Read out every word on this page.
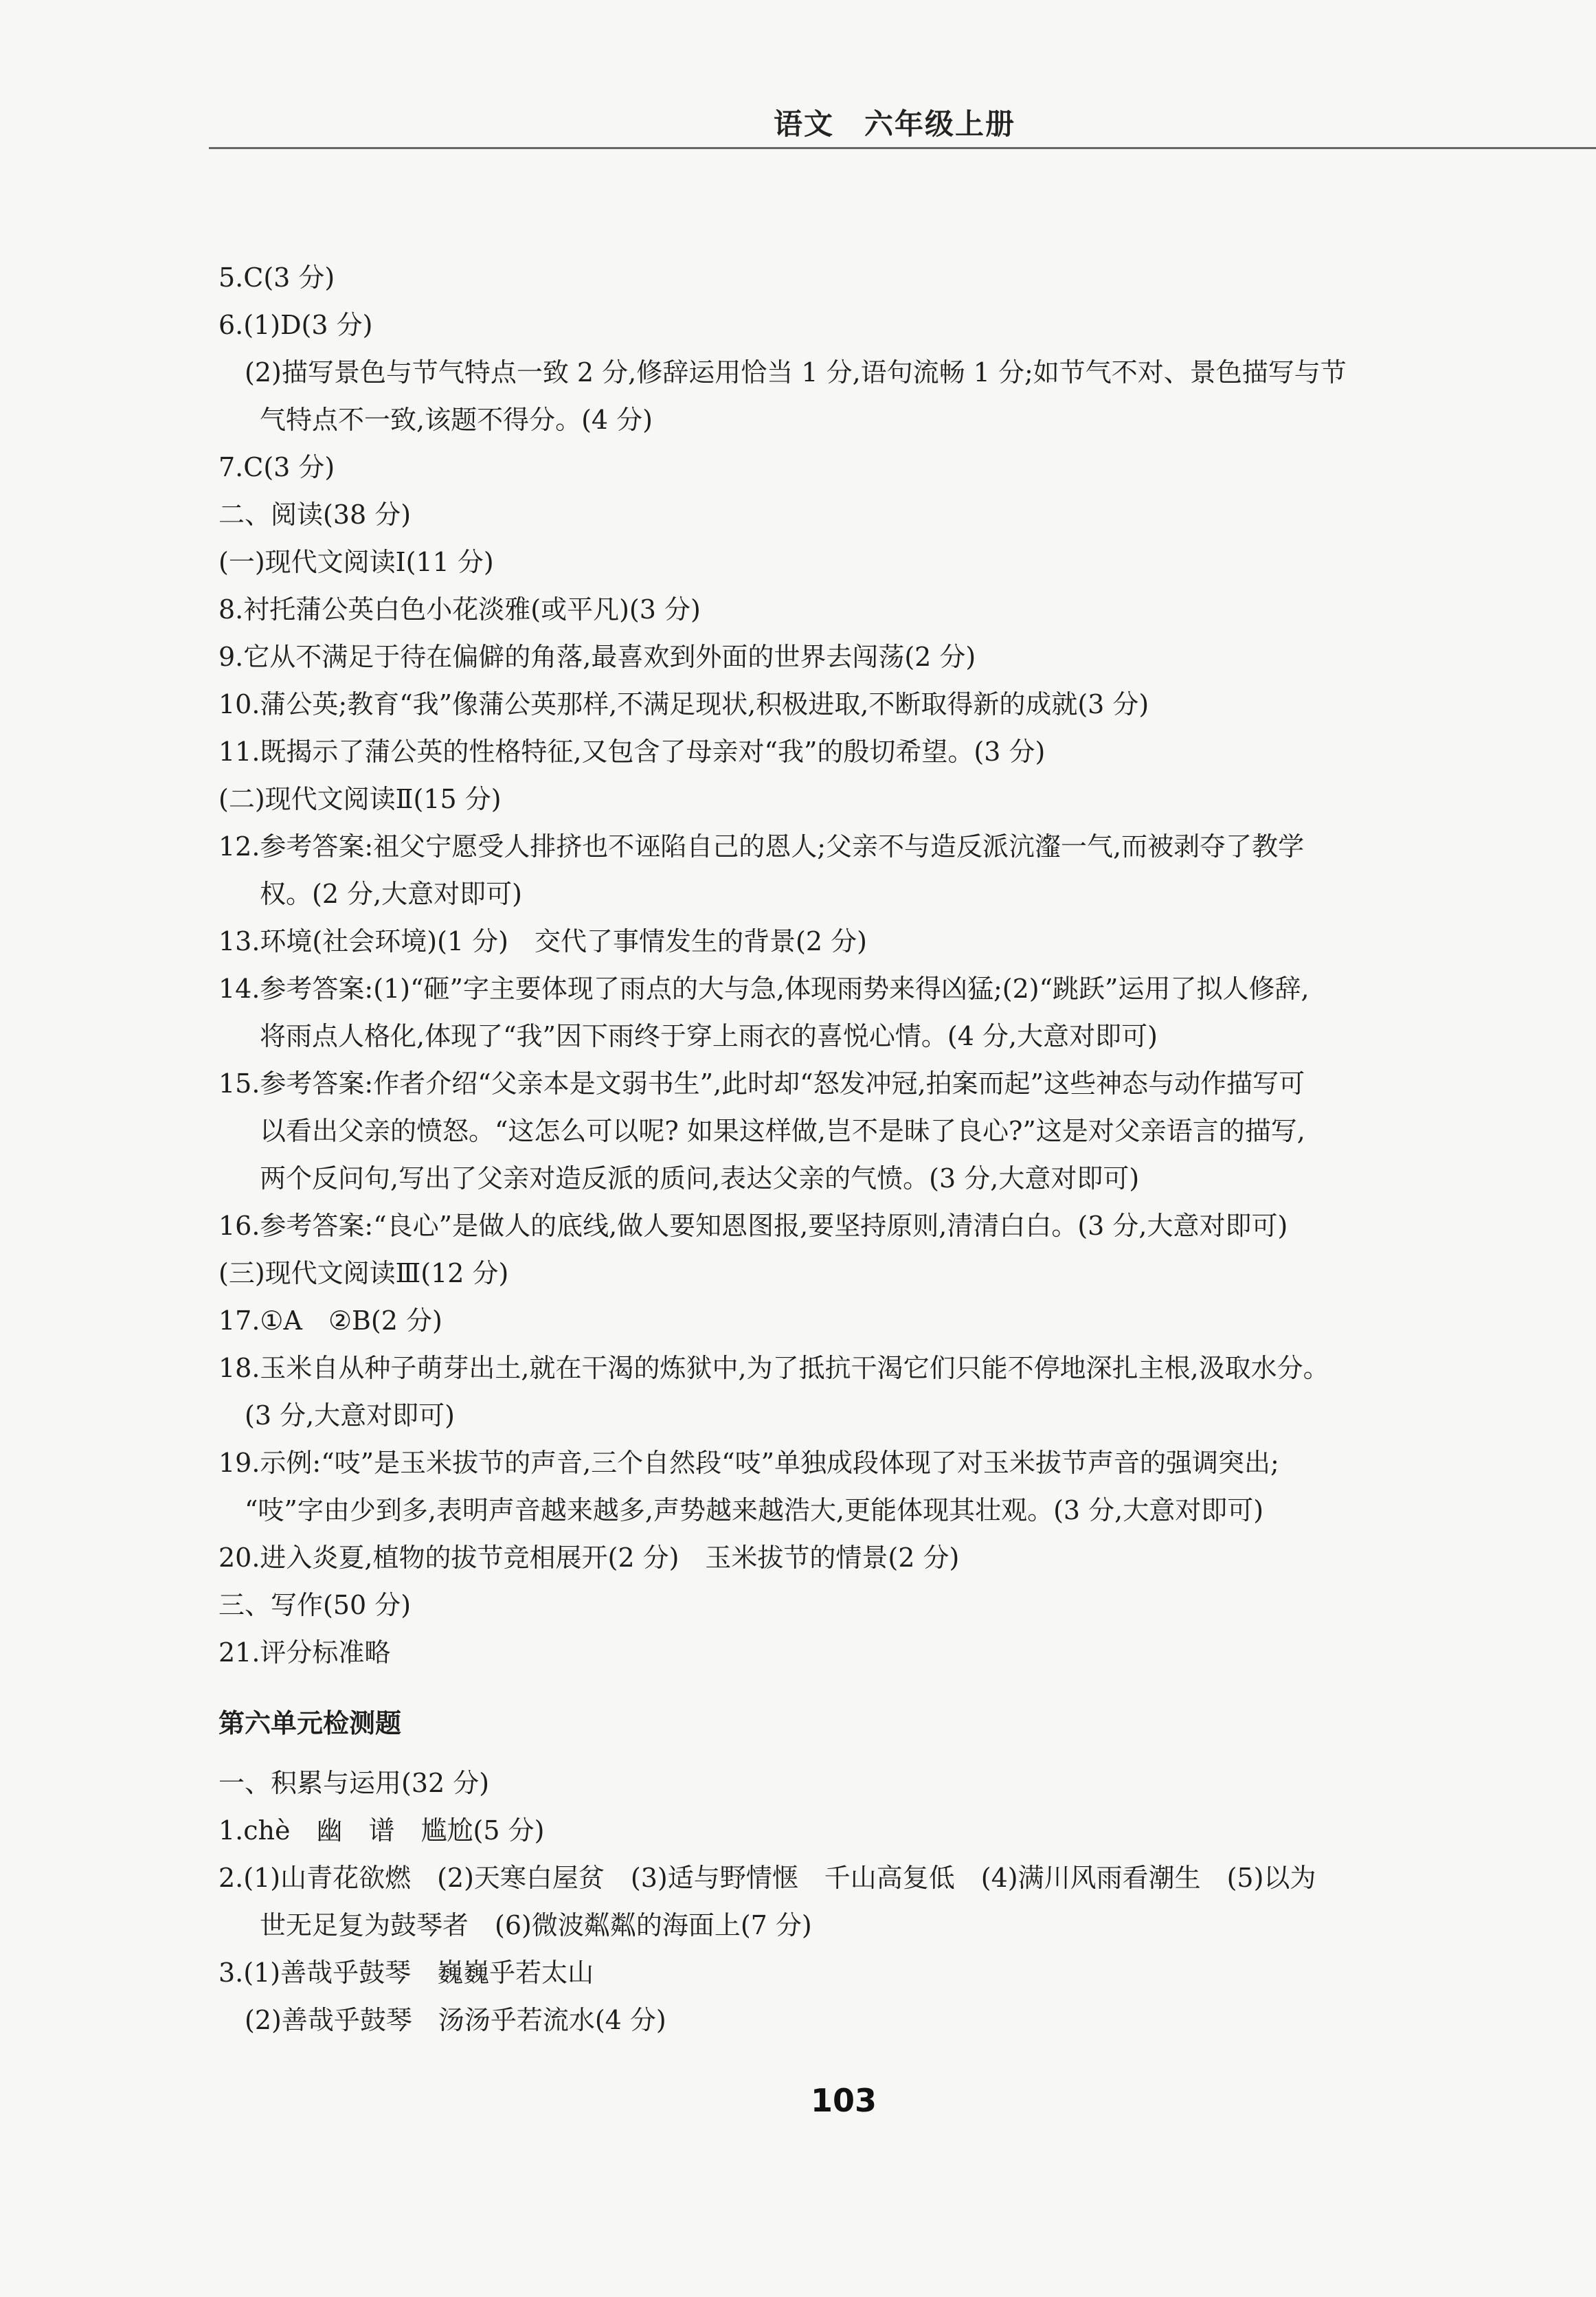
语文 六年级上册
5.C(3 分)
6.(1)D(3 分)
(2)描写景色与节气特点一致 2 分,修辞运用恰当 1 分,语句流畅 1 分;如节气不对、景色描写与节
气特点不一致,该题不得分。(4 分)
7.C(3 分)
二、阅读(38 分)
(一)现代文阅读Ⅰ(11 分)
8.衬托蒲公英白色小花淡雅(或平凡)(3 分)
9.它从不满足于待在偏僻的角落,最喜欢到外面的世界去闯荡(2 分)
10.蒲公英;教育“我”像蒲公英那样,不满足现状,积极进取,不断取得新的成就(3 分)
11.既揭示了蒲公英的性格特征,又包含了母亲对“我”的殷切希望。(3 分)
(二)现代文阅读Ⅱ(15 分)
12.参考答案:祖父宁愿受人排挤也不诬陷自己的恩人;父亲不与造反派沆瀣一气,而被剥夺了教学
权。(2 分,大意对即可)
13.环境(社会环境)(1 分)　交代了事情发生的背景(2 分)
14.参考答案:(1)“砸”字主要体现了雨点的大与急,体现雨势来得凶猛;(2)“跳跃”运用了拟人修辞,
将雨点人格化,体现了“我”因下雨终于穿上雨衣的喜悦心情。(4 分,大意对即可)
15.参考答案:作者介绍“父亲本是文弱书生”,此时却“怒发冲冠,拍案而起”这些神态与动作描写可
以看出父亲的愤怒。“这怎么可以呢? 如果这样做,岂不是昧了良心?”这是对父亲语言的描写,
两个反问句,写出了父亲对造反派的质问,表达父亲的气愤。(3 分,大意对即可)
16.参考答案:“良心”是做人的底线,做人要知恩图报,要坚持原则,清清白白。(3 分,大意对即可)
(三)现代文阅读Ⅲ(12 分)
17.①A　②B(2 分)
18.玉米自从种子萌芽出土,就在干渴的炼狱中,为了抵抗干渴它们只能不停地深扎主根,汲取水分。
(3 分,大意对即可)
19.示例:“吱”是玉米拔节的声音,三个自然段“吱”单独成段体现了对玉米拔节声音的强调突出;
“吱”字由少到多,表明声音越来越多,声势越来越浩大,更能体现其壮观。(3 分,大意对即可)
20.进入炎夏,植物的拔节竞相展开(2 分)　玉米拔节的情景(2 分)
三、写作(50 分)
21.评分标准略
第六单元检测题
一、积累与运用(32 分)
1.chè　幽　谱　尴尬(5 分)
2.(1)山青花欲燃　(2)天寒白屋贫　(3)适与野情惬　千山高复低　(4)满川风雨看潮生　(5)以为
世无足复为鼓琴者　(6)微波粼粼的海面上(7 分)
3.(1)善哉乎鼓琴　巍巍乎若太山
(2)善哉乎鼓琴　汤汤乎若流水(4 分)
103
